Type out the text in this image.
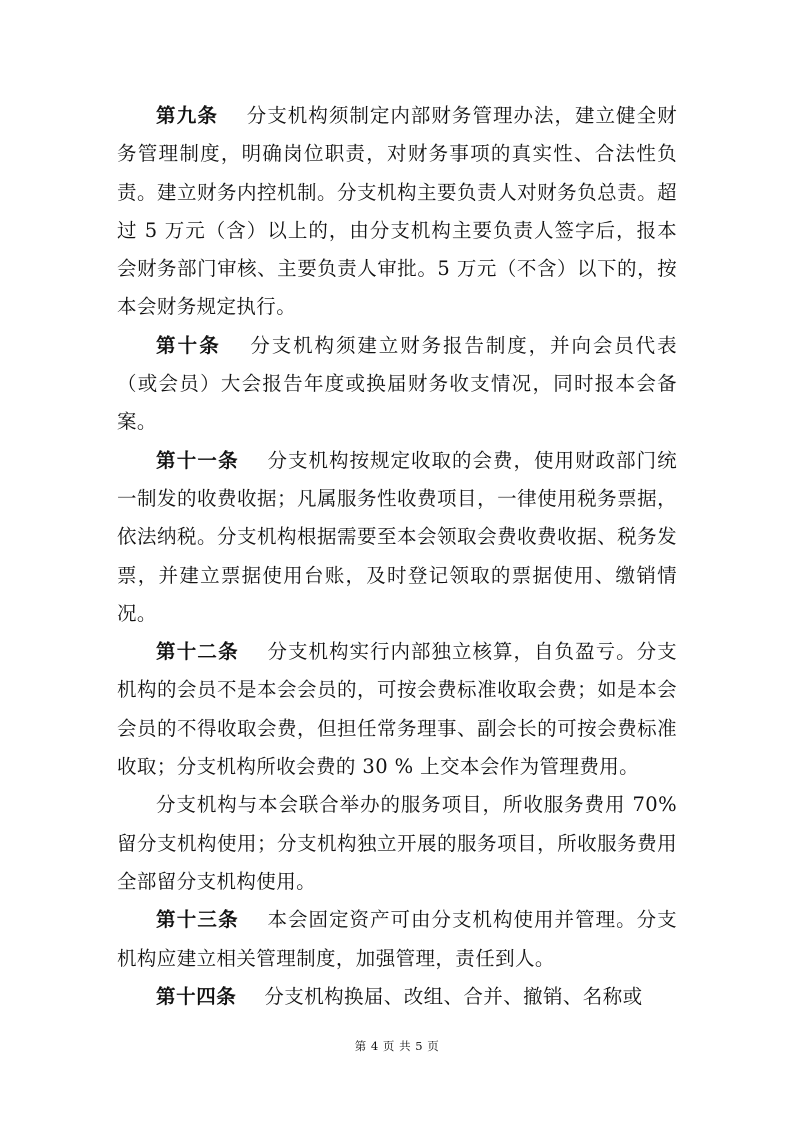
第九条 分支机构须制定内部财务管理办法，建立健全财务管理制度，明确岗位职责，对财务事项的真实性、合法性负责。建立财务内控机制。分支机构主要负责人对财务负总责。超过 5 万元（含）以上的，由分支机构主要负责人签字后，报本会财务部门审核、主要负责人审批。5 万元（不含）以下的，按本会财务规定执行。

第十条 分支机构须建立财务报告制度，并向会员代表（或会员）大会报告年度或换届财务收支情况，同时报本会备案。

第十一条 分支机构按规定收取的会费，使用财政部门统一制发的收费收据；凡属服务性收费项目，一律使用税务票据，依法纳税。分支机构根据需要至本会领取会费收费收据、税务发票，并建立票据使用台账，及时登记领取的票据使用、缴销情况。

第十二条 分支机构实行内部独立核算，自负盈亏。分支机构的会员不是本会会员的，可按会费标准收取会费；如是本会会员的不得收取会费，但担任常务理事、副会长的可按会费标准收取；分支机构所收会费的 30 % 上交本会作为管理费用。

分支机构与本会联合举办的服务项目，所收服务费用 70%留分支机构使用；分支机构独立开展的服务项目，所收服务费用全部留分支机构使用。

第十三条 本会固定资产可由分支机构使用并管理。分支机构应建立相关管理制度，加强管理，责任到人。

第十四条 分支机构换届、改组、合并、撤销、名称或

第 4 页 共 5 页
